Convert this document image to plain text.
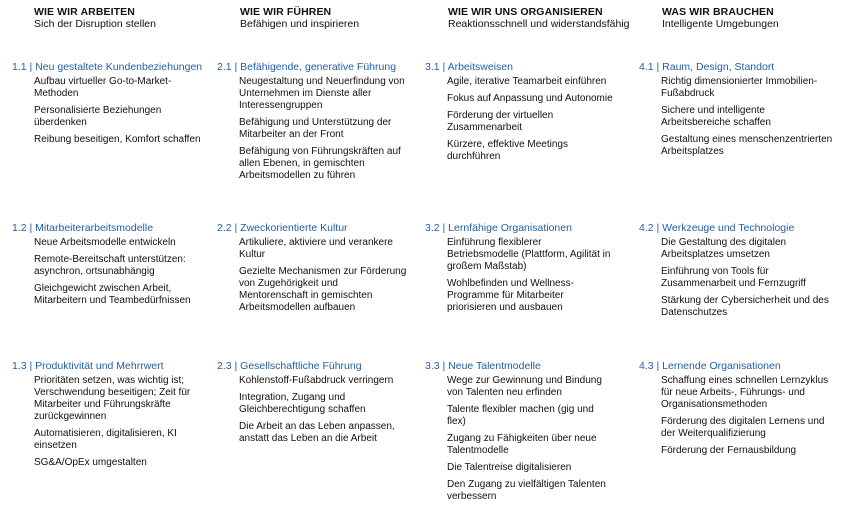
WIE WIR ARBEITEN
Sich der Disruption stellen
WIE WIR FÜHREN
Befähigen und inspirieren
WIE WIR UNS ORGANISIEREN
Reaktionsschnell und widerstandsfähig
WAS WIR BRAUCHEN
Intelligente Umgebungen
1.1 | Neu gestaltete Kundenbeziehungen
Aufbau virtueller Go-to-Market-Methoden
Personalisierte Beziehungen überdenken
Reibung beseitigen, Komfort schaffen
2.1 | Befähigende, generative Führung
Neugestaltung und Neuerfindung von Unternehmen im Dienste aller Interessengruppen
Befähigung und Unterstützung der Mitarbeiter an der Front
Befähigung von Führungskräften auf allen Ebenen, in gemischten Arbeitsmodellen zu führen
3.1 | Arbeitsweisen
Agile, iterative Teamarbeit einführen
Fokus auf Anpassung und Autonomie
Förderung der virtuellen Zusammenarbeit
Kürzere, effektive Meetings durchführen
4.1 | Raum, Design, Standort
Richtig dimensionierter Immobilien-Fußabdruck
Sichere und intelligente Arbeitsbereiche schaffen
Gestaltung eines menschenzentrierten Arbeitsplatzes
1.2 | Mitarbeiterarbeitsmodelle
Neue Arbeitsmodelle entwickeln
Remote-Bereitschaft unterstützen: asynchron, ortsunabhängig
Gleichgewicht zwischen Arbeit, Mitarbeitern und Teambedürfnissen
2.2 | Zweckorientierte Kultur
Artikuliere, aktiviere und verankere Kultur
Gezielte Mechanismen zur Förderung von Zugehörigkeit und Mentorenschaft in gemischten Arbeitsmodellen aufbauen
3.2 | Lernfähige Organisationen
Einführung flexiblerer Betriebsmodelle (Plattform, Agilität in großem Maßstab)
Wohlbefinden und Wellness-Programme für Mitarbeiter priorisieren und ausbauen
4.2 | Werkzeuge und Technologie
Die Gestaltung des digitalen Arbeitsplatzes umsetzen
Einführung von Tools für Zusammenarbeit und Fernzugriff
Stärkung der Cybersicherheit und des Datenschutzes
1.3 | Produktivität und Mehrrwert
Prioritäten setzen, was wichtig ist; Verschwendung beseitigen; Zeit für Mitarbeiter und Führungskräfte zurückgewinnen
Automatisieren, digitalisieren, KI einsetzen
SG&A/OpEx umgestalten
2.3 | Gesellschaftliche Führung
Kohlenstoff-Fußabdruck verringern
Integration, Zugang und Gleichberechtigung schaffen
Die Arbeit an das Leben anpassen, anstatt das Leben an die Arbeit
3.3 | Neue Talentmodelle
Wege zur Gewinnung und Bindung von Talenten neu erfinden
Talente flexibler machen (gig und flex)
Zugang zu Fähigkeiten über neue Talentmodelle
Die Talentreise digitalisieren
Den Zugang zu vielfältigen Talenten verbessern
4.3 | Lernende Organisationen
Schaffung eines schnellen Lernzyklus für neue Arbeits-, Führungs- und Organisationsmethoden
Förderung des digitalen Lernens und der Weiterqualifizierung
Förderung der Fernausbildung
